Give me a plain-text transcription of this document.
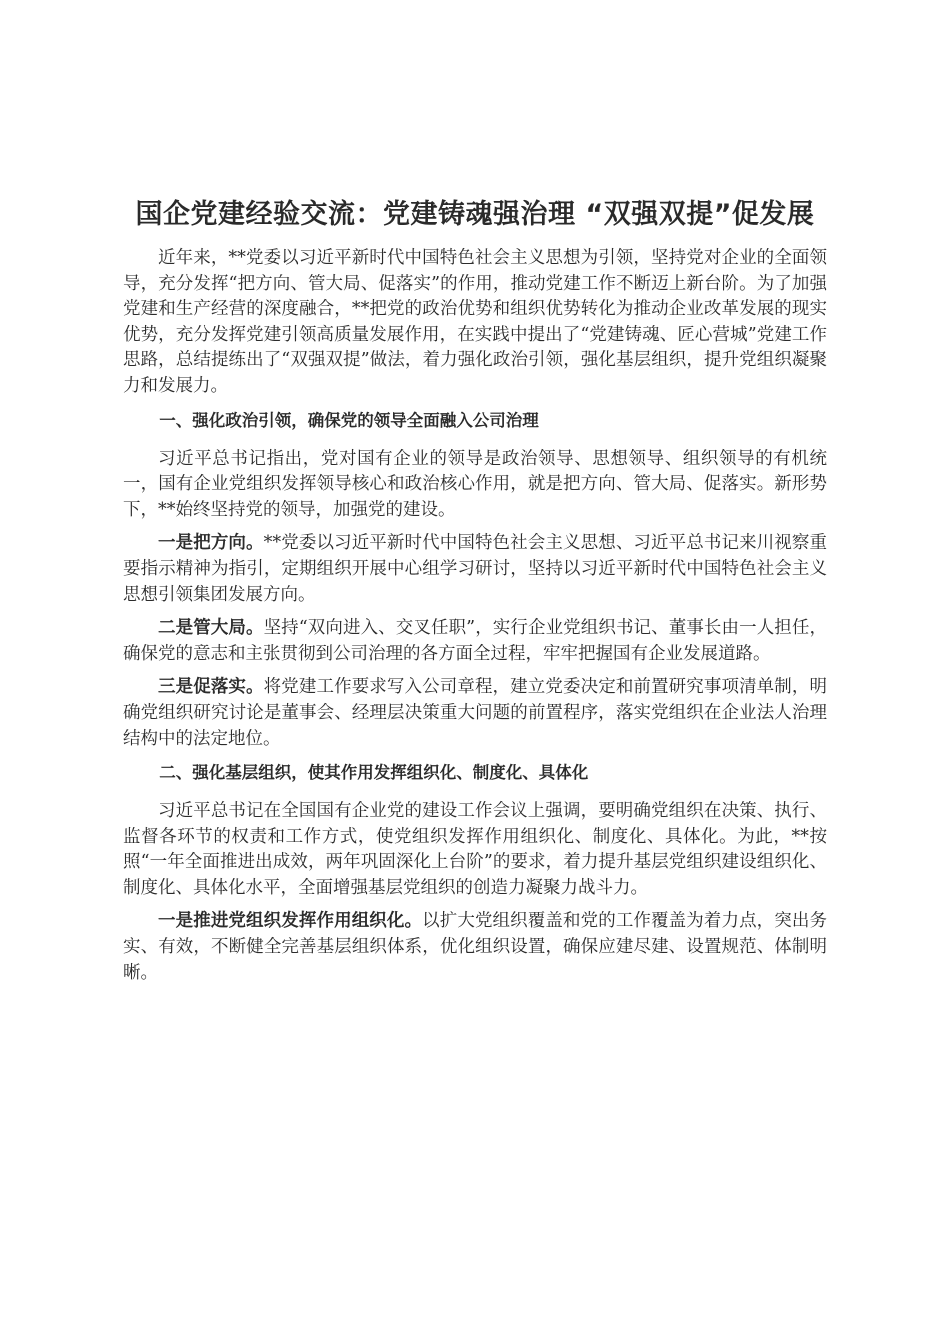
国企党建经验交流：党建铸魂强治理 “双强双提”促发展

近年来，**党委以习近平新时代中国特色社会主义思想为引领，坚持党对企业的全面领导，充分发挥“把方向、管大局、促落实”的作用，推动党建工作不断迈上新台阶。为了加强党建和生产经营的深度融合，**把党的政治优势和组织优势转化为推动企业改革发展的现实优势，充分发挥党建引领高质量发展作用，在实践中提出了“党建铸魂、匠心营城”党建工作思路，总结提练出了“双强双提”做法，着力强化政治引领，强化基层组织，提升党组织凝聚力和发展力。

一、强化政治引领，确保党的领导全面融入公司治理

习近平总书记指出，党对国有企业的领导是政治领导、思想领导、组织领导的有机统一，国有企业党组织发挥领导核心和政治核心作用，就是把方向、管大局、促落实。新形势下，**始终坚持党的领导，加强党的建设。

一是把方向。**党委以习近平新时代中国特色社会主义思想、习近平总书记来川视察重要指示精神为指引，定期组织开展中心组学习研讨，坚持以习近平新时代中国特色社会主义思想引领集团发展方向。

二是管大局。坚持“双向进入、交叉任职”，实行企业党组织书记、董事长由一人担任，确保党的意志和主张贯彻到公司治理的各方面全过程，牢牢把握国有企业发展道路。

三是促落实。将党建工作要求写入公司章程，建立党委决定和前置研究事项清单制，明确党组织研究讨论是董事会、经理层决策重大问题的前置程序，落实党组织在企业法人治理结构中的法定地位。

二、强化基层组织，使其作用发挥组织化、制度化、具体化

习近平总书记在全国国有企业党的建设工作会议上强调，要明确党组织在决策、执行、监督各环节的权责和工作方式，使党组织发挥作用组织化、制度化、具体化。为此，**按照“一年全面推进出成效，两年巩固深化上台阶”的要求，着力提升基层党组织建设组织化、制度化、具体化水平，全面增强基层党组织的创造力凝聚力战斗力。

一是推进党组织发挥作用组织化。以扩大党组织覆盖和党的工作覆盖为着力点，突出务实、有效，不断健全完善基层组织体系，优化组织设置，确保应建尽建、设置规范、体制明晰。
